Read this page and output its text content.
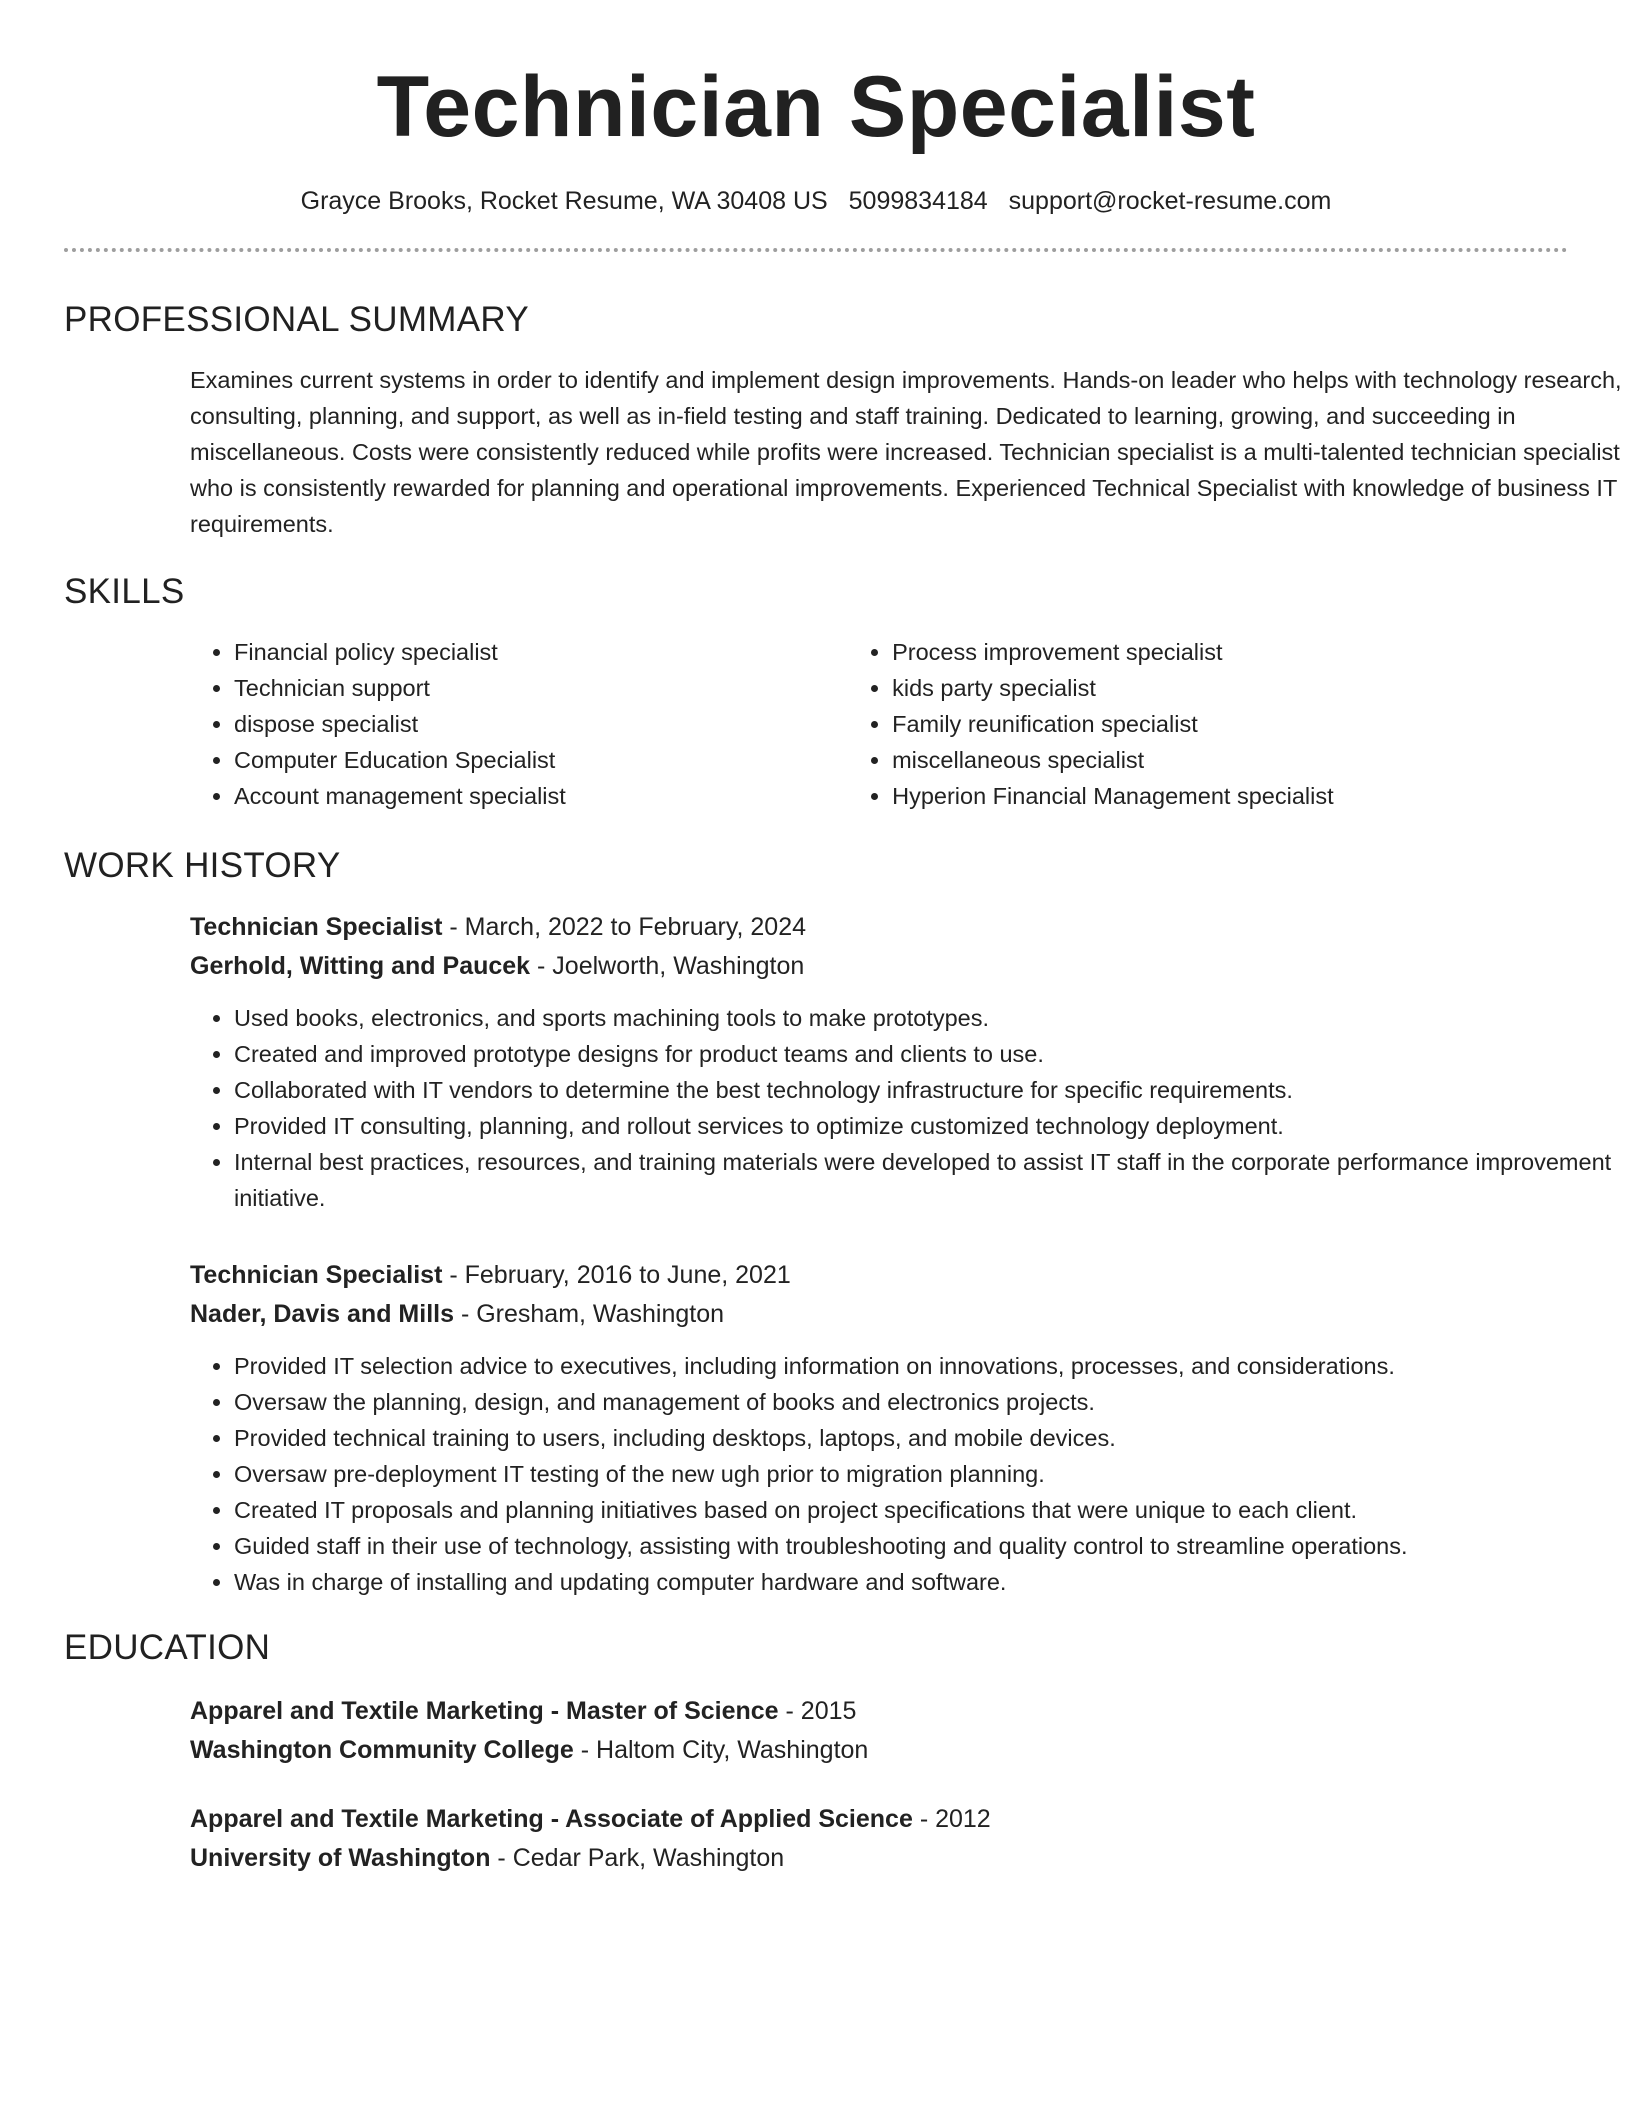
Technician Specialist
Grayce Brooks, Rocket Resume, WA 30408 US 5099834184 support@rocket-resume.com
PROFESSIONAL SUMMARY

Examines current systems in order to identify and implement design improvements. Hands-on leader who helps with technology research, consulting, planning, and support, as well as in-field testing and staff training. Dedicated to learning, growing, and succeeding in miscellaneous. Costs were consistently reduced while profits were increased. Technician specialist is a multi-talented technician specialist who is consistently rewarded for planning and operational improvements. Experienced Technical Specialist with knowledge of business IT requirements.

SKILLS
• Financial policy specialist
• Technician support
• dispose specialist
• Computer Education Specialist
• Account management specialist
• Process improvement specialist
• kids party specialist
• Family reunification specialist
• miscellaneous specialist
• Hyperion Financial Management specialist
WORK HISTORY
Technician Specialist - March, 2022 to February, 2024
Gerhold, Witting and Paucek - Joelworth, Washington
• Used books, electronics, and sports machining tools to make prototypes.
• Created and improved prototype designs for product teams and clients to use.
• Collaborated with IT vendors to determine the best technology infrastructure for specific requirements.
• Provided IT consulting, planning, and rollout services to optimize customized technology deployment.
• Internal best practices, resources, and training materials were developed to assist IT staff in the corporate performance improvement initiative.
Technician Specialist - February, 2016 to June, 2021
Nader, Davis and Mills - Gresham, Washington
• Provided IT selection advice to executives, including information on innovations, processes, and considerations.
• Oversaw the planning, design, and management of books and electronics projects.
• Provided technical training to users, including desktops, laptops, and mobile devices.
• Oversaw pre-deployment IT testing of the new ugh prior to migration planning.
• Created IT proposals and planning initiatives based on project specifications that were unique to each client.
• Guided staff in their use of technology, assisting with troubleshooting and quality control to streamline operations.
• Was in charge of installing and updating computer hardware and software.
EDUCATION
Apparel and Textile Marketing - Master of Science - 2015
Washington Community College - Haltom City, Washington
Apparel and Textile Marketing - Associate of Applied Science - 2012
University of Washington - Cedar Park, Washington
